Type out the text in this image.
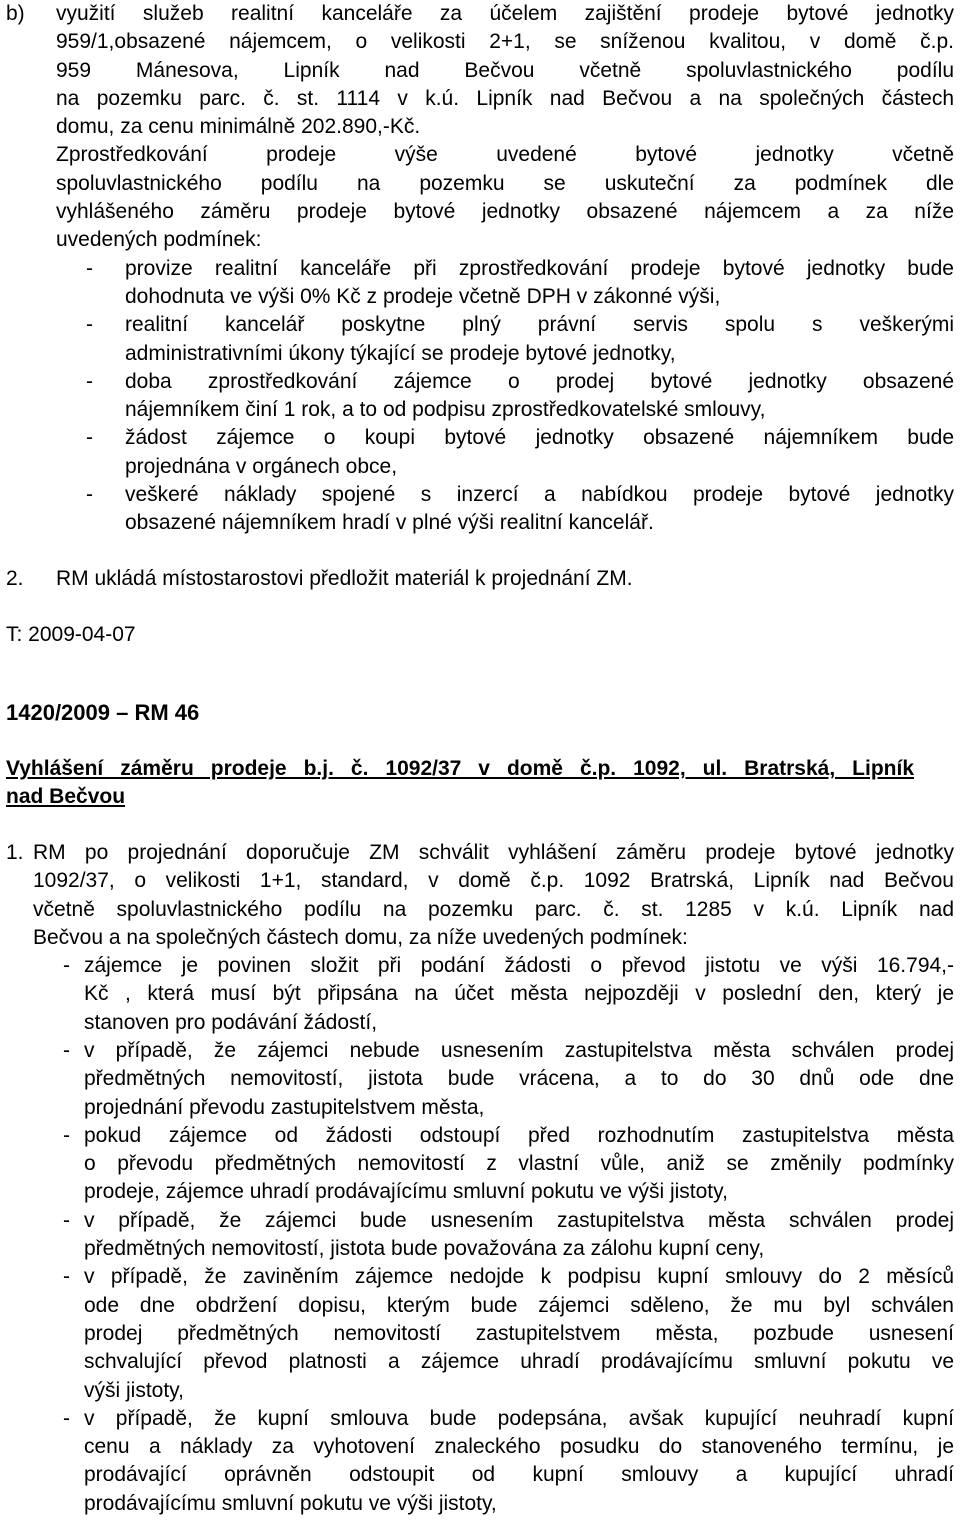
b) využití služeb realitní kanceláře za účelem zajištění prodeje bytové jednotky
959/1,obsazené nájemcem, o velikosti 2+1, se sníženou kvalitou, v domě č.p.
959 Mánesova, Lipník nad Bečvou včetně spoluvlastnického podílu
na pozemku parc. č. st. 1114 v k.ú. Lipník nad Bečvou a na společných částech
domu, za cenu minimálně 202.890,-Kč.
Zprostředkování prodeje výše uvedené bytové jednotky včetně
spoluvlastnického podílu na pozemku se uskuteční za podmínek dle
vyhlášeného záměru prodeje bytové jednotky obsazené nájemcem a za níže
uvedených podmínek:
- provize realitní kanceláře při zprostředkování prodeje bytové jednotky bude
dohodnuta ve výši 0% Kč z prodeje včetně DPH v zákonné výši,
- realitní kancelář poskytne plný právní servis spolu s veškerými
administrativními úkony týkající se prodeje bytové jednotky,
- doba zprostředkování zájemce o prodej bytové jednotky obsazené
nájemníkem činí 1 rok, a to od podpisu zprostředkovatelské smlouvy,
- žádost zájemce o koupi bytové jednotky obsazené nájemníkem bude
projednána v orgánech obce,
- veškeré náklady spojené s inzercí a nabídkou prodeje bytové jednotky
obsazené nájemníkem hradí v plné výši realitní kancelář.
2. RM ukládá místostarostovi předložit materiál k projednání ZM.
T: 2009-04-07
1420/2009 – RM 46
Vyhlášení záměru prodeje b.j. č. 1092/37 v domě č.p. 1092, ul. Bratrská, Lipník
nad Bečvou
1. RM po projednání doporučuje ZM schválit vyhlášení záměru prodeje bytové jednotky
1092/37, o velikosti 1+1, standard, v domě č.p. 1092 Bratrská, Lipník nad Bečvou
včetně spoluvlastnického podílu na pozemku parc. č. st. 1285 v k.ú. Lipník nad
Bečvou a na společných částech domu, za níže uvedených podmínek:
- zájemce je povinen složit při podání žádosti o převod jistotu ve výši 16.794,-
Kč , která musí být připsána na účet města nejpozději v poslední den, který je
stanoven pro podávání žádostí,
- v případě, že zájemci nebude usnesením zastupitelstva města schválen prodej
předmětných nemovitostí, jistota bude vrácena, a to do 30 dnů ode dne
projednání převodu zastupitelstvem města,
- pokud zájemce od žádosti odstoupí před rozhodnutím zastupitelstva města
o převodu předmětných nemovitostí z vlastní vůle, aniž se změnily podmínky
prodeje, zájemce uhradí prodávajícímu smluvní pokutu ve výši jistoty,
- v případě, že zájemci bude usnesením zastupitelstva města schválen prodej
předmětných nemovitostí, jistota bude považována za zálohu kupní ceny,
- v případě, že zaviněním zájemce nedojde k podpisu kupní smlouvy do 2 měsíců
ode dne obdržení dopisu, kterým bude zájemci sděleno, že mu byl schválen
prodej předmětných nemovitostí zastupitelstvem města, pozbude usnesení
schvalující převod platnosti a zájemce uhradí prodávajícímu smluvní pokutu ve
výši jistoty,
- v případě, že kupní smlouva bude podepsána, avšak kupující neuhradí kupní
cenu a náklady za vyhotovení znaleckého posudku do stanoveného termínu, je
prodávající oprávněn odstoupit od kupní smlouvy a kupující uhradí
prodávajícímu smluvní pokutu ve výši jistoty,
